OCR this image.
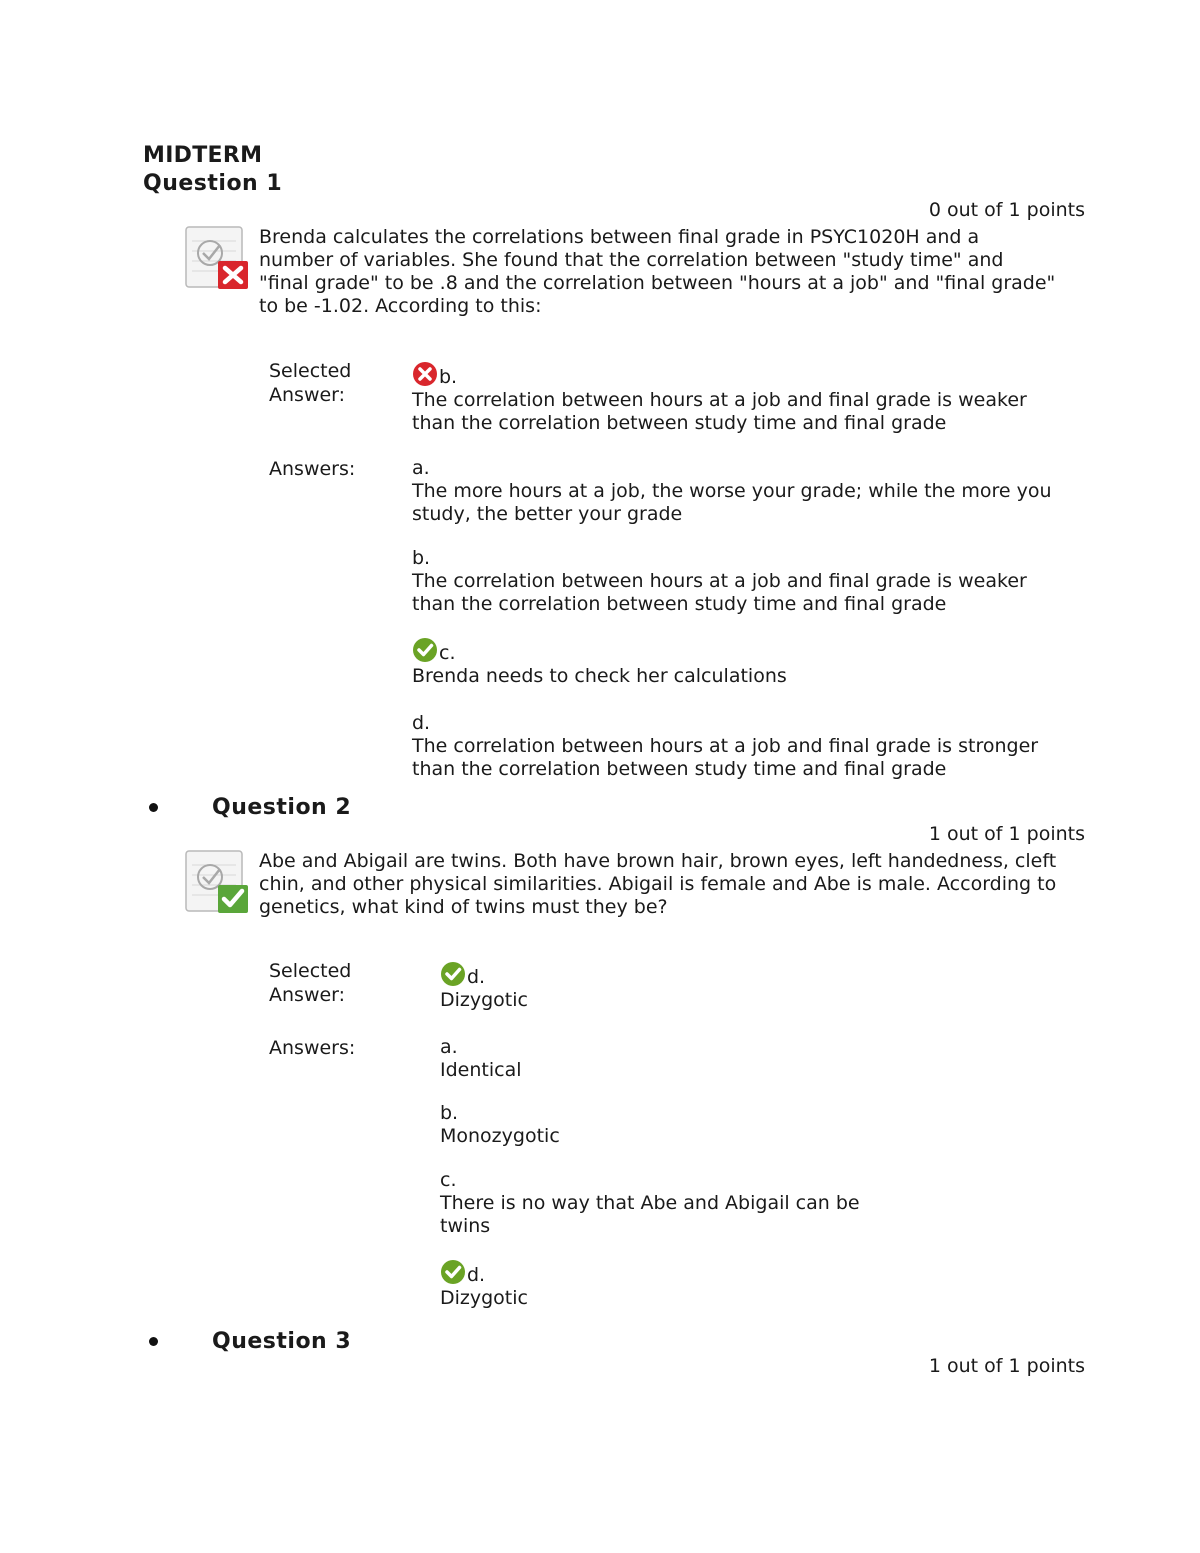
MIDTERM
Question 1
0 out of 1 points
Brenda calculates the correlations between final grade in PSYC1020H and a number of variables. She found that the correlation between "study time" and "final grade" to be .8 and the correlation between "hours at a job" and "final grade" to be -1.02. According to this:
Selected Answer:
b.
The correlation between hours at a job and final grade is weaker than the correlation between study time and final grade
Answers:	a.
The more hours at a job, the worse your grade; while the more you study, the better your grade
b.
The correlation between hours at a job and final grade is weaker than the correlation between study time and final grade
c.
Brenda needs to check her calculations
d.
The correlation between hours at a job and final grade is stronger than the correlation between study time and final grade
Question 2
1 out of 1 points
Abe and Abigail are twins. Both have brown hair, brown eyes, left handedness, cleft chin, and other physical similarities. Abigail is female and Abe is male. According to genetics, what kind of twins must they be?
Selected Answer:
d.
Dizygotic
Answers:	a.
Identical
b.
Monozygotic
c.
There is no way that Abe and Abigail can be twins
d.
Dizygotic
Question 3
1 out of 1 points
